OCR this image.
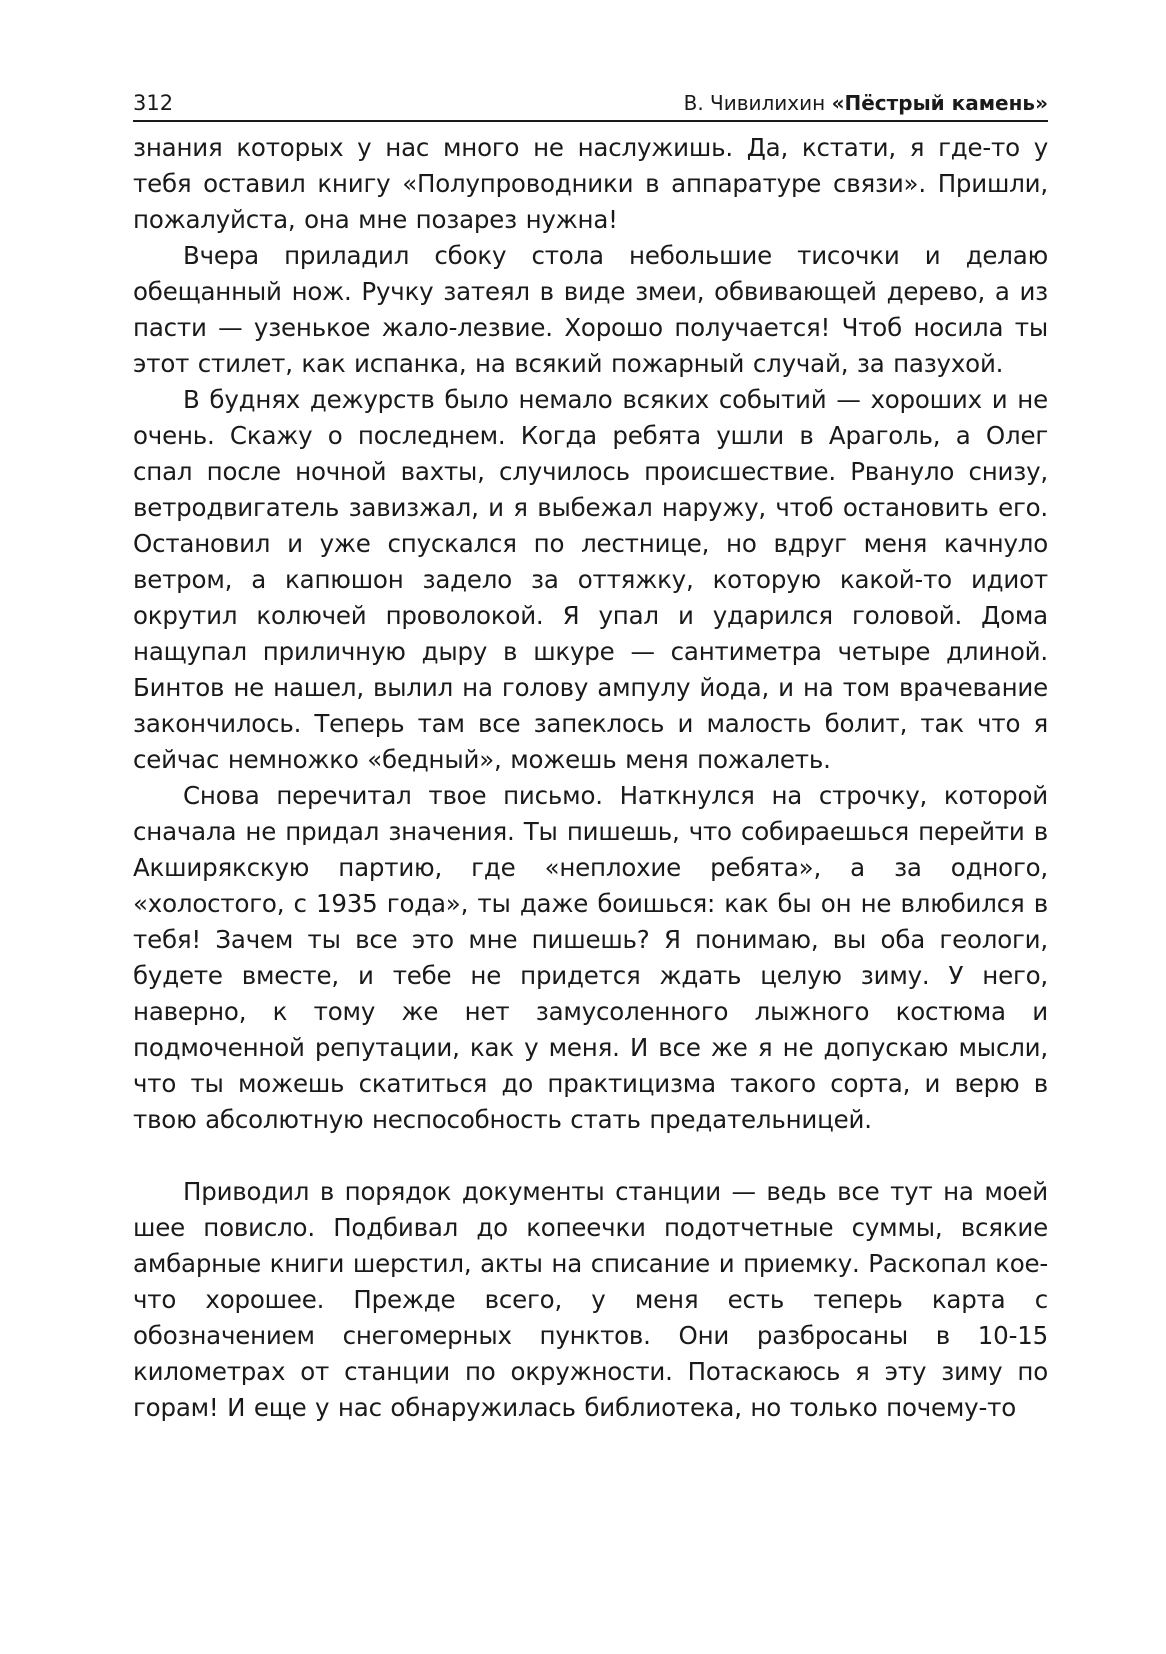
312	В. Чивилихин «Пёстрый камень»

знания которых у нас много не наслужишь. Да, кстати, я где-то у тебя оставил книгу «Полупроводники в аппаратуре связи». Пришли, пожалуйста, она мне позарез нужна!

Вчера приладил сбоку стола небольшие тисочки и делаю обещанный нож. Ручку затеял в виде змеи, обвивающей дерево, а из пасти — узенькое жало-лезвие. Хорошо получается! Чтоб носила ты этот стилет, как испанка, на всякий пожарный случай, за пазухой.

В буднях дежурств было немало всяких событий — хороших и не очень. Скажу о последнем. Когда ребята ушли в Араголь, а Олег спал после ночной вахты, случилось происшествие. Рвануло снизу, ветродвигатель завизжал, и я выбежал наружу, чтоб остановить его. Остановил и уже спускался по лестнице, но вдруг меня качнуло ветром, а капюшон задело за оттяжку, которую какой-то идиот окрутил колючей проволокой. Я упал и ударился головой. Дома нащупал приличную дыру в шкуре — сантиметра четыре длиной. Бинтов не нашел, вылил на голову ампулу йода, и на том врачевание закончилось. Теперь там все запеклось и малость болит, так что я сейчас немножко «бедный», можешь меня пожалеть.

Снова перечитал твое письмо. Наткнулся на строчку, которой сначала не придал значения. Ты пишешь, что собираешься перейти в Акширякскую партию, где «неплохие ребята», а за одного, «холостого, с 1935 года», ты даже боишься: как бы он не влюбился в тебя! Зачем ты все это мне пишешь? Я понимаю, вы оба геологи, будете вместе, и тебе не придется ждать целую зиму. У него, наверно, к тому же нет замусоленного лыжного костюма и подмоченной репутации, как у меня. И все же я не допускаю мысли, что ты можешь скатиться до практицизма такого сорта, и верю в твою абсолютную неспособность стать предательницей.

Приводил в порядок документы станции — ведь все тут на моей шее повисло. Подбивал до копеечки подотчетные суммы, всякие амбарные книги шерстил, акты на списание и приемку. Раскопал кое-что хорошее. Прежде всего, у меня есть теперь карта с обозначением снегомерных пунктов. Они разбросаны в 10-15 километрах от станции по окружности. Потаскаюсь я эту зиму по горам! И еще у нас обнаружилась библиотека, но только почему-то
